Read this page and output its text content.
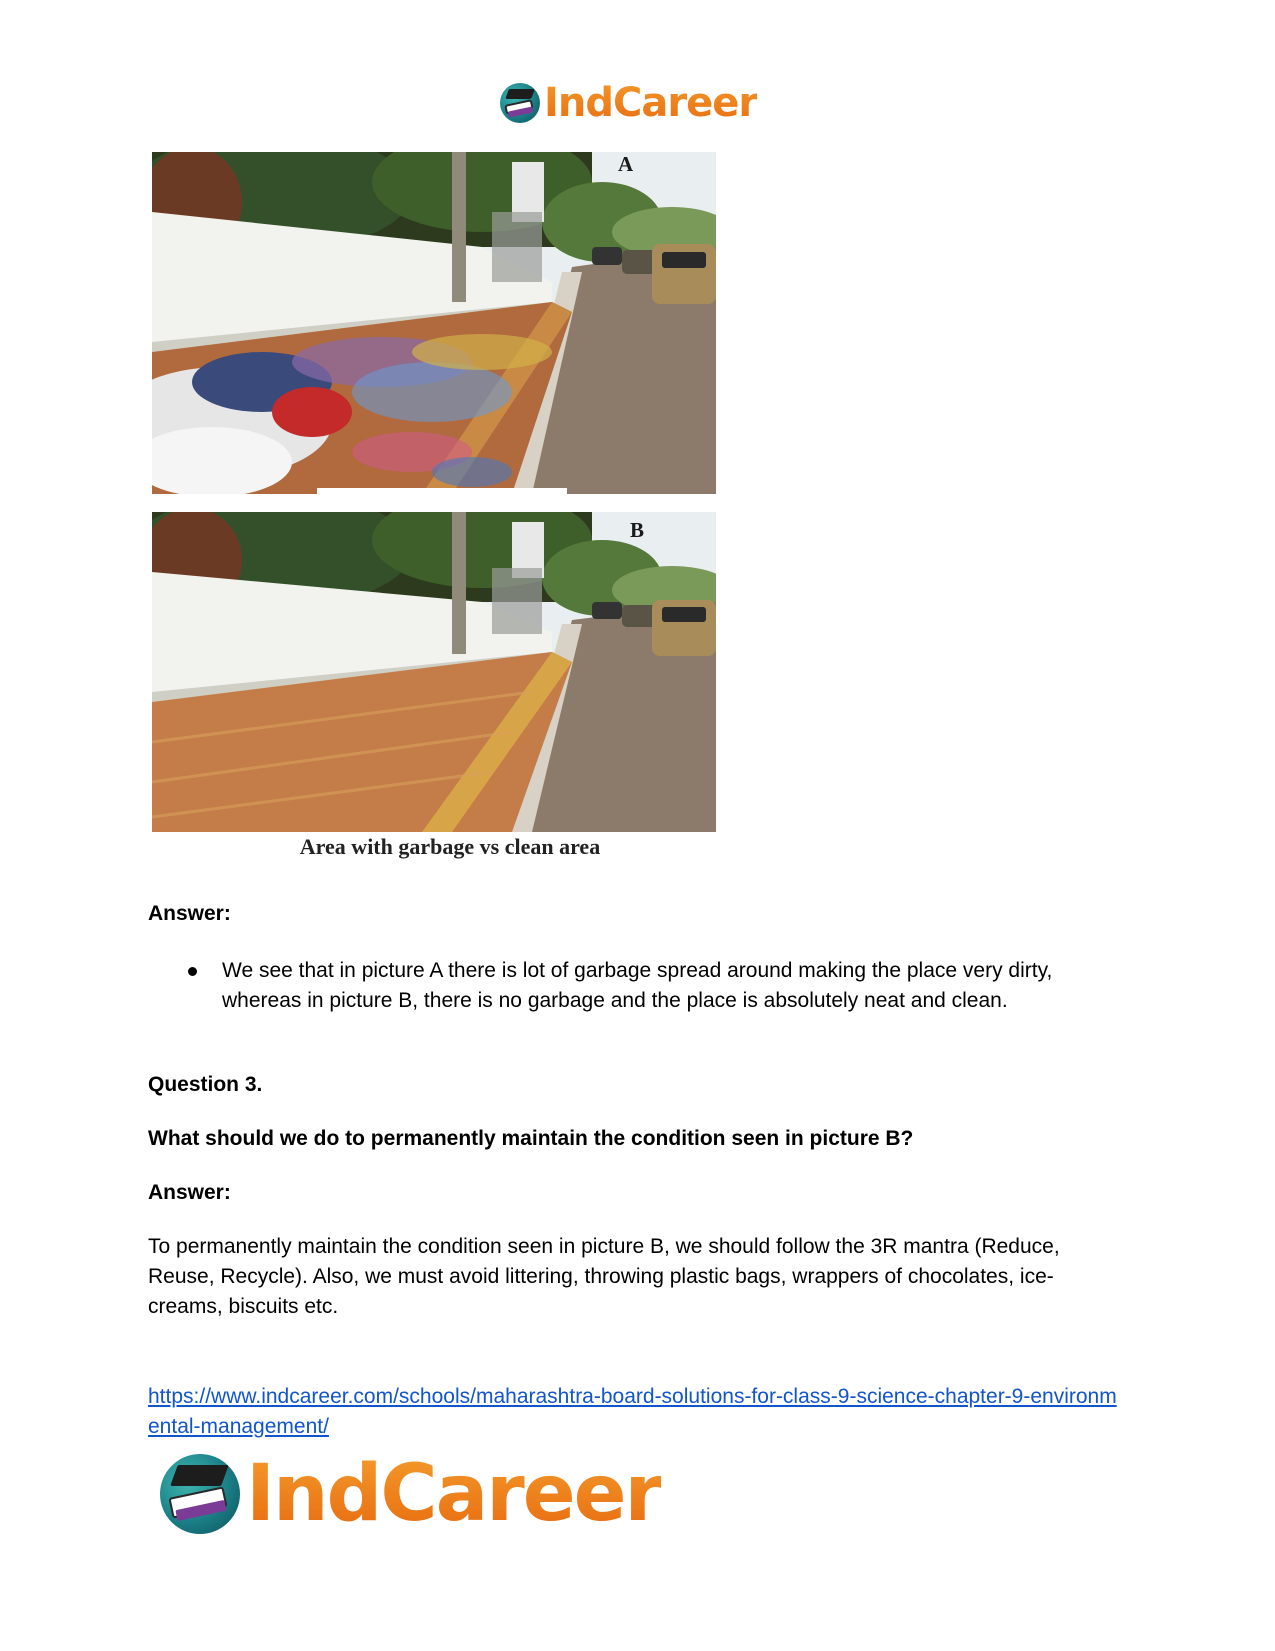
IndCareer
A
B
Area with garbage vs clean area
Answer:
We see that in picture A there is lot of garbage spread around making the place very dirty, whereas in picture B, there is no garbage and the place is absolutely neat and clean.
Question 3.
What should we do to permanently maintain the condition seen in picture B?
Answer:
To permanently maintain the condition seen in picture B, we should follow the 3R mantra (Reduce, Reuse, Recycle). Also, we must avoid littering, throwing plastic bags, wrappers of chocolates, ice-creams, biscuits etc.
https://www.indcareer.com/schools/maharashtra-board-solutions-for-class-9-science-chapter-9-environmental-management/
IndCareer
